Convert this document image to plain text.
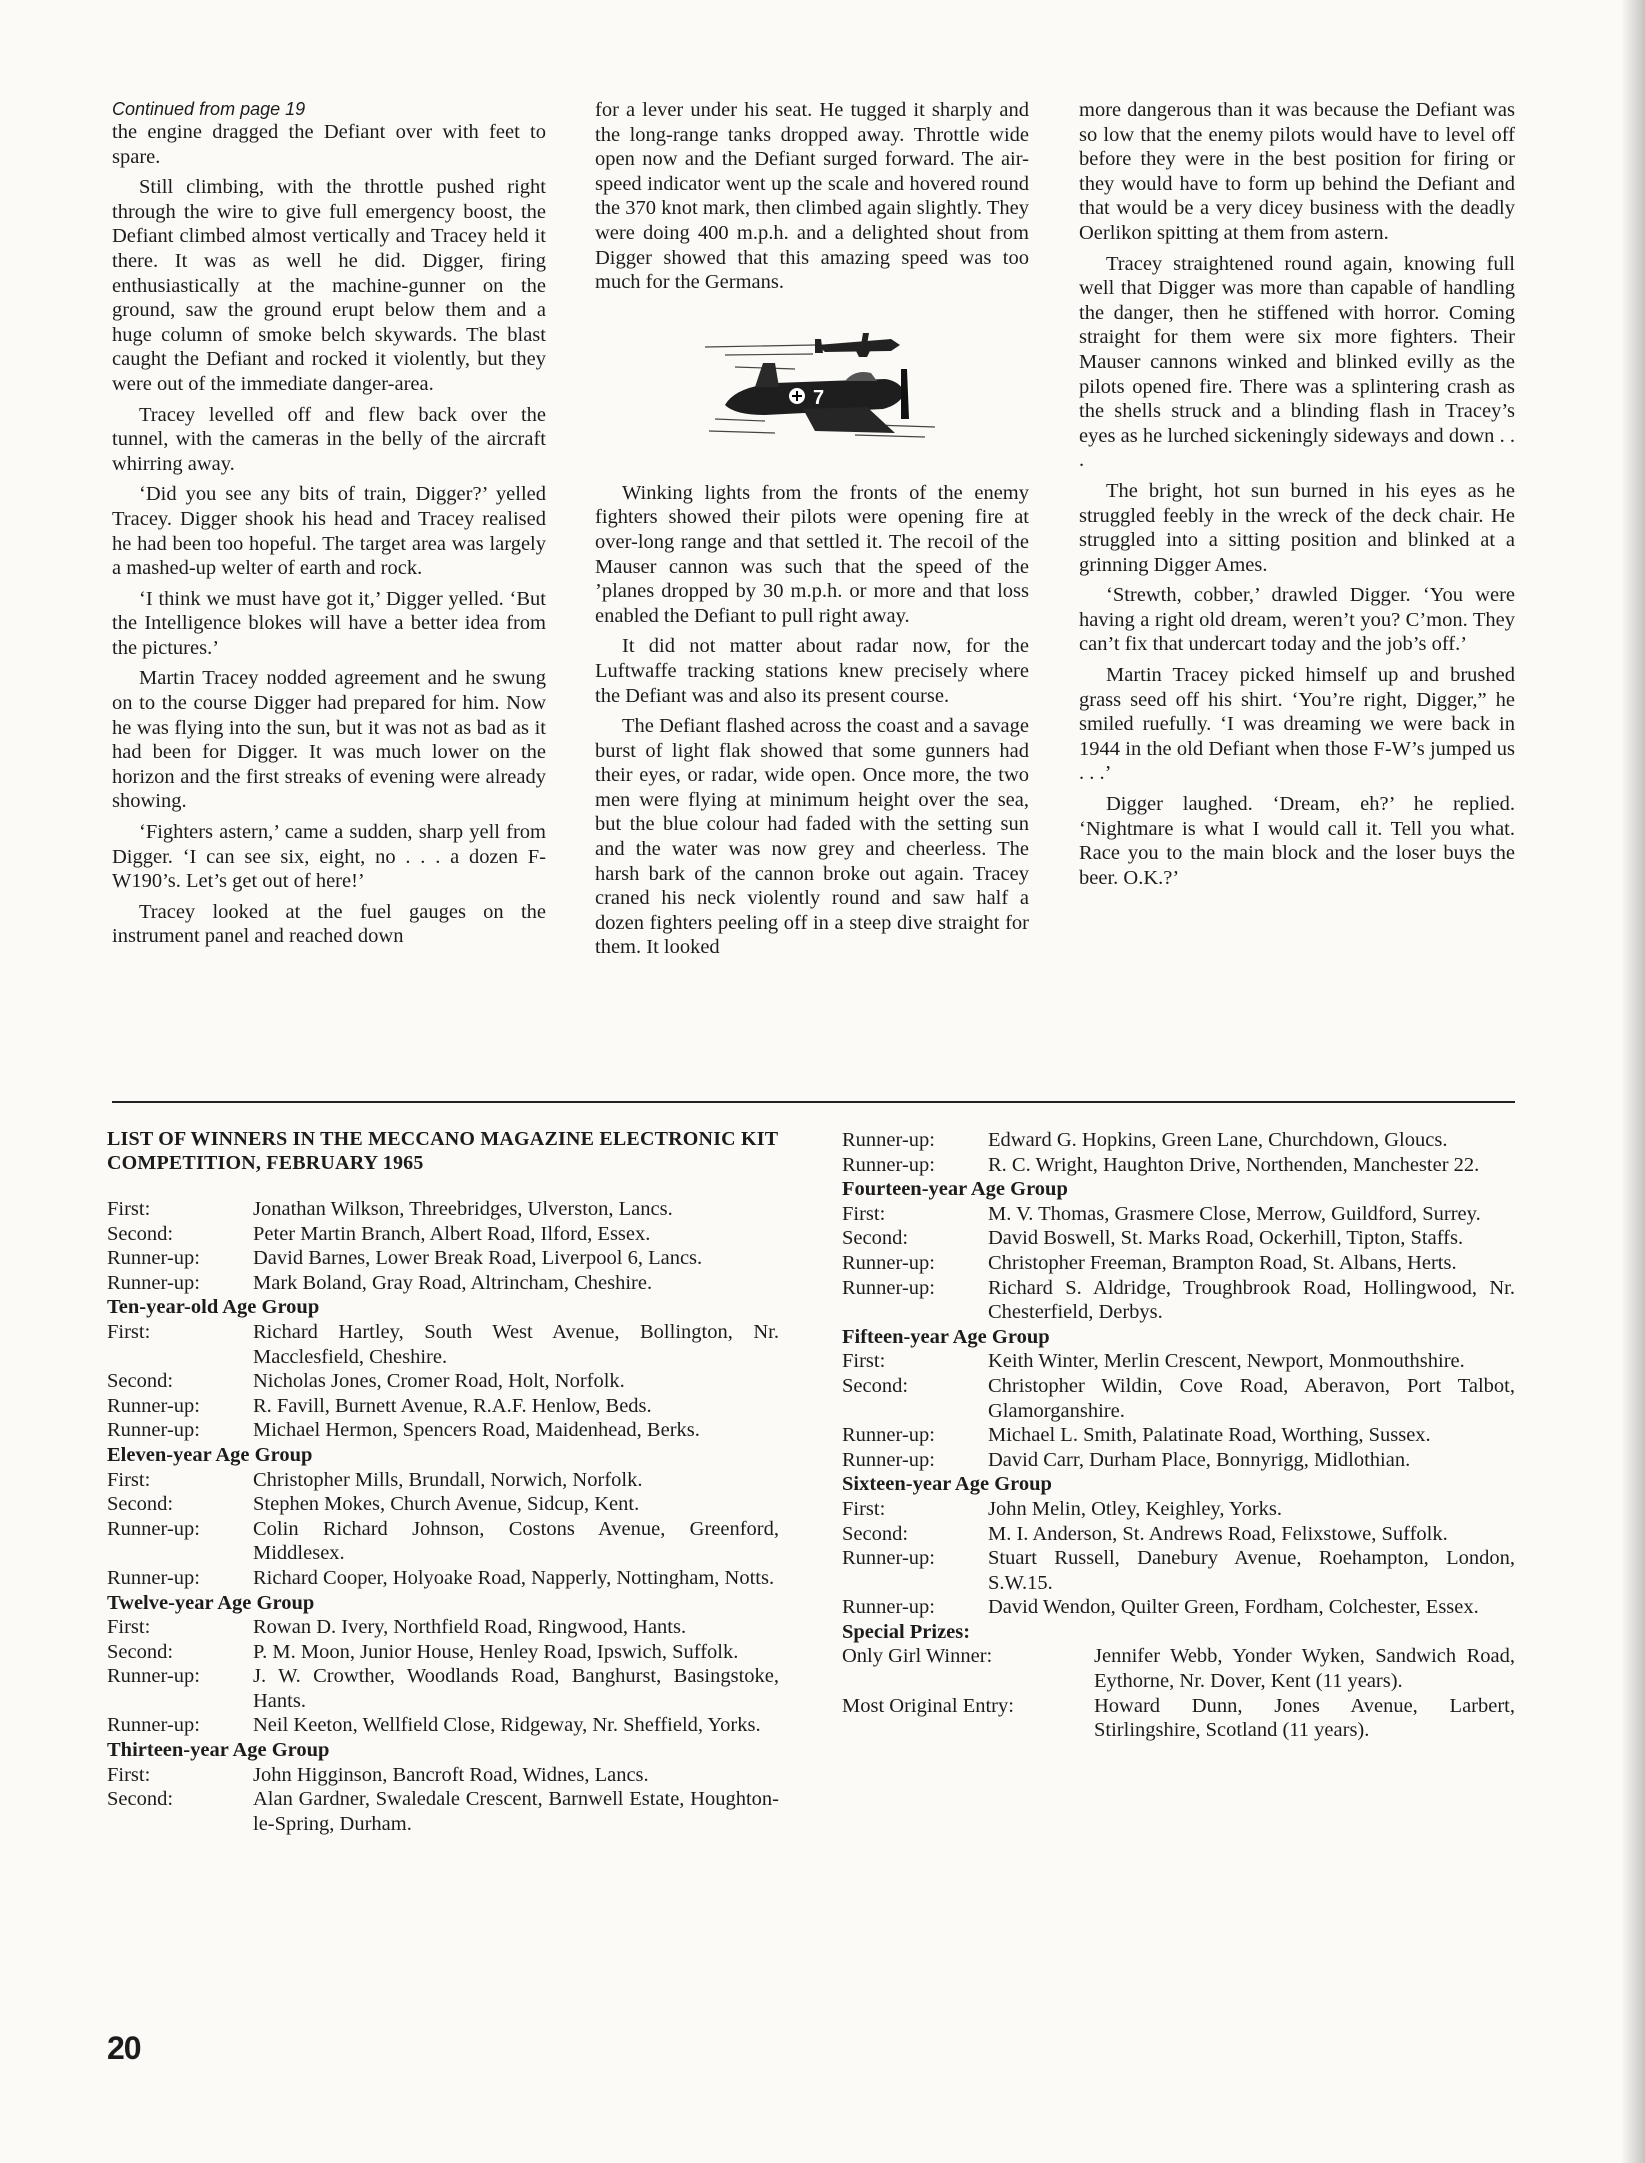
Continued from page 19

the engine dragged the Defiant over with feet to spare.

Still climbing, with the throttle pushed right through the wire to give full emergency boost, the Defiant climbed almost vertically and Tracey held it there. It was as well he did. Digger, firing enthusiastically at the machine-gunner on the ground, saw the ground erupt below them and a huge column of smoke belch skywards. The blast caught the Defiant and rocked it violently, but they were out of the immediate danger-area.

Tracey levelled off and flew back over the tunnel, with the cameras in the belly of the aircraft whirring away.

‘Did you see any bits of train, Digger?’ yelled Tracey. Digger shook his head and Tracey realised he had been too hopeful. The target area was largely a mashed-up welter of earth and rock.

‘I think we must have got it,’ Digger yelled. ‘But the Intelligence blokes will have a better idea from the pictures.’

Martin Tracey nodded agreement and he swung on to the course Digger had prepared for him. Now he was flying into the sun, but it was not as bad as it had been for Digger. It was much lower on the horizon and the first streaks of evening were already showing.

‘Fighters astern,’ came a sudden, sharp yell from Digger. ‘I can see six, eight, no . . . a dozen F-W190’s. Let’s get out of here!’

Tracey looked at the fuel gauges on the instrument panel and reached down

for a lever under his seat. He tugged it sharply and the long-range tanks dropped away. Throttle wide open now and the Defiant surged forward. The air-speed indicator went up the scale and hovered round the 370 knot mark, then climbed again slightly. They were doing 400 m.p.h. and a delighted shout from Digger showed that this amazing speed was too much for the Germans.

7

Winking lights from the fronts of the enemy fighters showed their pilots were opening fire at over-long range and that settled it. The recoil of the Mauser cannon was such that the speed of the ’planes dropped by 30 m.p.h. or more and that loss enabled the Defiant to pull right away.

It did not matter about radar now, for the Luftwaffe tracking stations knew precisely where the Defiant was and also its present course.

The Defiant flashed across the coast and a savage burst of light flak showed that some gunners had their eyes, or radar, wide open. Once more, the two men were flying at minimum height over the sea, but the blue colour had faded with the setting sun and the water was now grey and cheerless. The harsh bark of the cannon broke out again. Tracey craned his neck violently round and saw half a dozen fighters peeling off in a steep dive straight for them. It looked

more dangerous than it was because the Defiant was so low that the enemy pilots would have to level off before they were in the best position for firing or they would have to form up behind the Defiant and that would be a very dicey business with the deadly Oerlikon spitting at them from astern.

Tracey straightened round again, knowing full well that Digger was more than capable of handling the danger, then he stiffened with horror. Coming straight for them were six more fighters. Their Mauser cannons winked and blinked evilly as the pilots opened fire. There was a splintering crash as the shells struck and a blinding flash in Tracey’s eyes as he lurched sickeningly sideways and down . . .

The bright, hot sun burned in his eyes as he struggled feebly in the wreck of the deck chair. He struggled into a sitting position and blinked at a grinning Digger Ames.

‘Strewth, cobber,’ drawled Digger. ‘You were having a right old dream, weren’t you? C’mon. They can’t fix that undercart today and the job’s off.’

Martin Tracey picked himself up and brushed grass seed off his shirt. ‘You’re right, Digger,” he smiled ruefully. ‘I was dreaming we were back in 1944 in the old Defiant when those F-W’s jumped us . . .’

Digger laughed. ‘Dream, eh?’ he replied. ‘Nightmare is what I would call it. Tell you what. Race you to the main block and the loser buys the beer. O.K.?’

LIST OF WINNERS IN THE MECCANO MAGAZINE ELECTRONIC KIT COMPETITION, FEBRUARY 1965
First:	Jonathan Wilkson, Threebridges, Ulverston, Lancs.
Second:	Peter Martin Branch, Albert Road, Ilford, Essex.
Runner-up:	David Barnes, Lower Break Road, Liverpool 6, Lancs.
Runner-up:	Mark Boland, Gray Road, Altrincham, Cheshire.
Ten-year-old Age Group
First:	Richard Hartley, South West Avenue, Bollington, Nr. Macclesfield, Cheshire.
Second:	Nicholas Jones, Cromer Road, Holt, Norfolk.
Runner-up:	R. Favill, Burnett Avenue, R.A.F. Henlow, Beds.
Runner-up:	Michael Hermon, Spencers Road, Maidenhead, Berks.
Eleven-year Age Group
First:	Christopher Mills, Brundall, Norwich, Norfolk.
Second:	Stephen Mokes, Church Avenue, Sidcup, Kent.
Runner-up:	Colin Richard Johnson, Costons Avenue, Greenford, Middlesex.
Runner-up:	Richard Cooper, Holyoake Road, Napperly, Nottingham, Notts.
Twelve-year Age Group
First:	Rowan D. Ivery, Northfield Road, Ringwood, Hants.
Second:	P. M. Moon, Junior House, Henley Road, Ipswich, Suffolk.
Runner-up:	J. W. Crowther, Woodlands Road, Banghurst, Basingstoke, Hants.
Runner-up:	Neil Keeton, Wellfield Close, Ridgeway, Nr. Sheffield, Yorks.
Thirteen-year Age Group
First:	John Higginson, Bancroft Road, Widnes, Lancs.
Second:	Alan Gardner, Swaledale Crescent, Barnwell Estate, Houghton-le-Spring, Durham.
Runner-up:	Edward G. Hopkins, Green Lane, Churchdown, Gloucs.
Runner-up:	R. C. Wright, Haughton Drive, Northenden, Manchester 22.
Fourteen-year Age Group
First:	M. V. Thomas, Grasmere Close, Merrow, Guildford, Surrey.
Second:	David Boswell, St. Marks Road, Ockerhill, Tipton, Staffs.
Runner-up:	Christopher Freeman, Brampton Road, St. Albans, Herts.
Runner-up:	Richard S. Aldridge, Troughbrook Road, Hollingwood, Nr. Chesterfield, Derbys.
Fifteen-year Age Group
First:	Keith Winter, Merlin Crescent, Newport, Monmouthshire.
Second:	Christopher Wildin, Cove Road, Aberavon, Port Talbot, Glamorganshire.
Runner-up:	Michael L. Smith, Palatinate Road, Worthing, Sussex.
Runner-up:	David Carr, Durham Place, Bonnyrigg, Midlothian.
Sixteen-year Age Group
First:	John Melin, Otley, Keighley, Yorks.
Second:	M. I. Anderson, St. Andrews Road, Felixstowe, Suffolk.
Runner-up:	Stuart Russell, Danebury Avenue, Roehampton, London, S.W.15.
Runner-up:	David Wendon, Quilter Green, Fordham, Colchester, Essex.
Special Prizes:
Only Girl Winner:	Jennifer Webb, Yonder Wyken, Sandwich Road, Eythorne, Nr. Dover, Kent (11 years).
Most Original Entry:	Howard Dunn, Jones Avenue, Larbert, Stirlingshire, Scotland (11 years).
20
